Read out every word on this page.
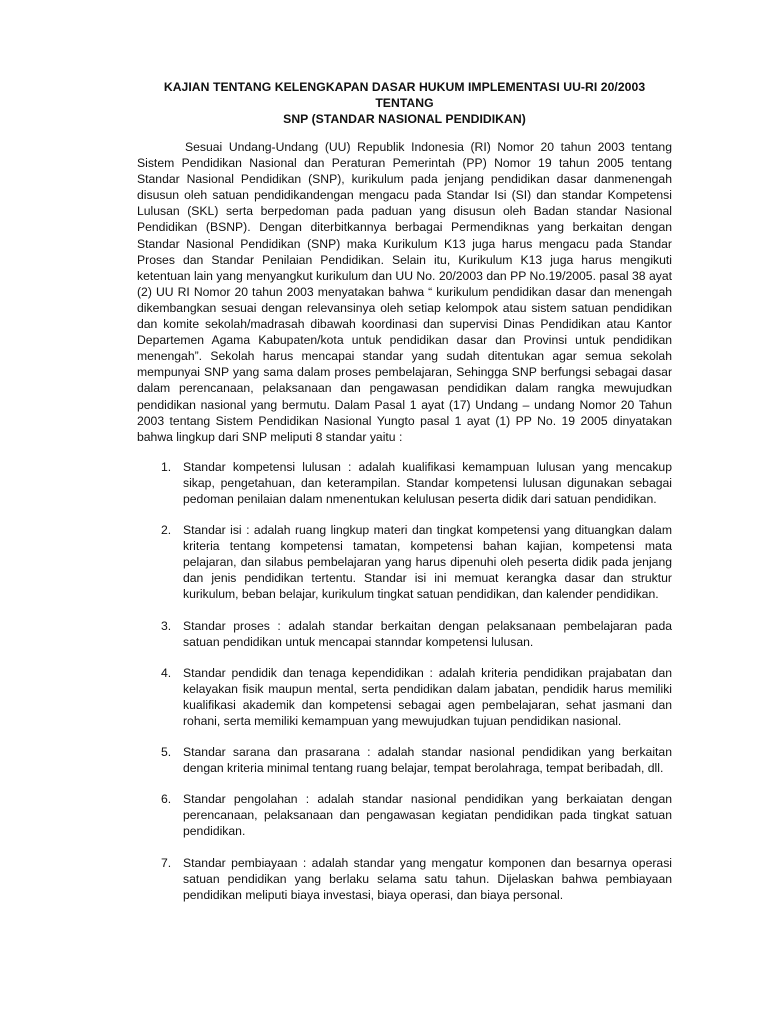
KAJIAN TENTANG KELENGKAPAN DASAR HUKUM IMPLEMENTASI UU-RI 20/2003 TENTANG
SNP (STANDAR NASIONAL PENDIDIKAN)

Sesuai Undang-Undang (UU) Republik Indonesia (RI) Nomor 20 tahun 2003 tentang Sistem Pendidikan Nasional dan Peraturan Pemerintah (PP) Nomor 19 tahun 2005 tentang Standar Nasional Pendidikan (SNP), kurikulum pada jenjang pendidikan dasar danmenengah disusun oleh satuan pendidikandengan mengacu pada Standar Isi (SI) dan standar Kompetensi Lulusan (SKL) serta berpedoman pada paduan yang disusun oleh Badan standar Nasional Pendidikan (BSNP). Dengan diterbitkannya berbagai Permendiknas yang berkaitan dengan Standar Nasional Pendidikan (SNP) maka Kurikulum K13 juga harus mengacu pada Standar Proses dan Standar Penilaian Pendidikan. Selain itu, Kurikulum K13 juga harus mengikuti ketentuan lain yang menyangkut kurikulum dan UU No. 20/2003 dan PP No.19/2005. pasal 38 ayat (2) UU RI Nomor 20 tahun 2003 menyatakan bahwa “ kurikulum pendidikan dasar dan menengah dikembangkan sesuai dengan relevansinya oleh setiap kelompok atau sistem satuan pendidikan dan komite sekolah/madrasah dibawah koordinasi dan supervisi Dinas Pendidikan atau Kantor Departemen Agama Kabupaten/kota untuk pendidikan dasar dan Provinsi untuk pendidikan menengah”. Sekolah harus mencapai standar yang sudah ditentukan agar semua sekolah mempunyai SNP yang sama dalam proses pembelajaran, Sehingga SNP berfungsi sebagai dasar dalam perencanaan, pelaksanaan dan pengawasan pendidikan dalam rangka mewujudkan pendidikan nasional yang bermutu. Dalam Pasal 1 ayat (17) Undang – undang Nomor 20 Tahun 2003 tentang Sistem Pendidikan Nasional Yungto pasal 1 ayat (1) PP No. 19 2005 dinyatakan bahwa lingkup dari SNP meliputi 8 standar yaitu :

1. Standar kompetensi lulusan : adalah kualifikasi kemampuan lulusan yang mencakup sikap, pengetahuan, dan keterampilan. Standar kompetensi lulusan digunakan sebagai pedoman penilaian dalam nmenentukan kelulusan peserta didik dari satuan pendidikan.
2. Standar isi : adalah ruang lingkup materi dan tingkat kompetensi yang dituangkan dalam kriteria tentang kompetensi tamatan, kompetensi bahan kajian, kompetensi mata pelajaran, dan silabus pembelajaran yang harus dipenuhi oleh peserta didik pada jenjang dan jenis pendidikan tertentu. Standar isi ini memuat kerangka dasar dan struktur kurikulum, beban belajar, kurikulum tingkat satuan pendidikan, dan kalender pendidikan.
3. Standar proses : adalah standar berkaitan dengan pelaksanaan pembelajaran pada satuan pendidikan untuk mencapai stanndar kompetensi lulusan.
4. Standar pendidik dan tenaga kependidikan : adalah kriteria pendidikan prajabatan dan kelayakan fisik maupun mental, serta pendidikan dalam jabatan, pendidik harus memiliki kualifikasi akademik dan kompetensi sebagai agen pembelajaran, sehat jasmani dan rohani, serta memiliki kemampuan yang mewujudkan tujuan pendidikan nasional.
5. Standar sarana dan prasarana : adalah standar nasional pendidikan yang berkaitan dengan kriteria minimal tentang ruang belajar, tempat berolahraga, tempat beribadah, dll.
6. Standar pengolahan : adalah standar nasional pendidikan yang berkaiatan dengan perencanaan, pelaksanaan dan pengawasan kegiatan pendidikan pada tingkat satuan pendidikan.
7. Standar pembiayaan : adalah standar yang mengatur komponen dan besarnya operasi satuan pendidikan yang berlaku selama satu tahun. Dijelaskan bahwa pembiayaan pendidikan meliputi biaya investasi, biaya operasi, dan biaya personal.
